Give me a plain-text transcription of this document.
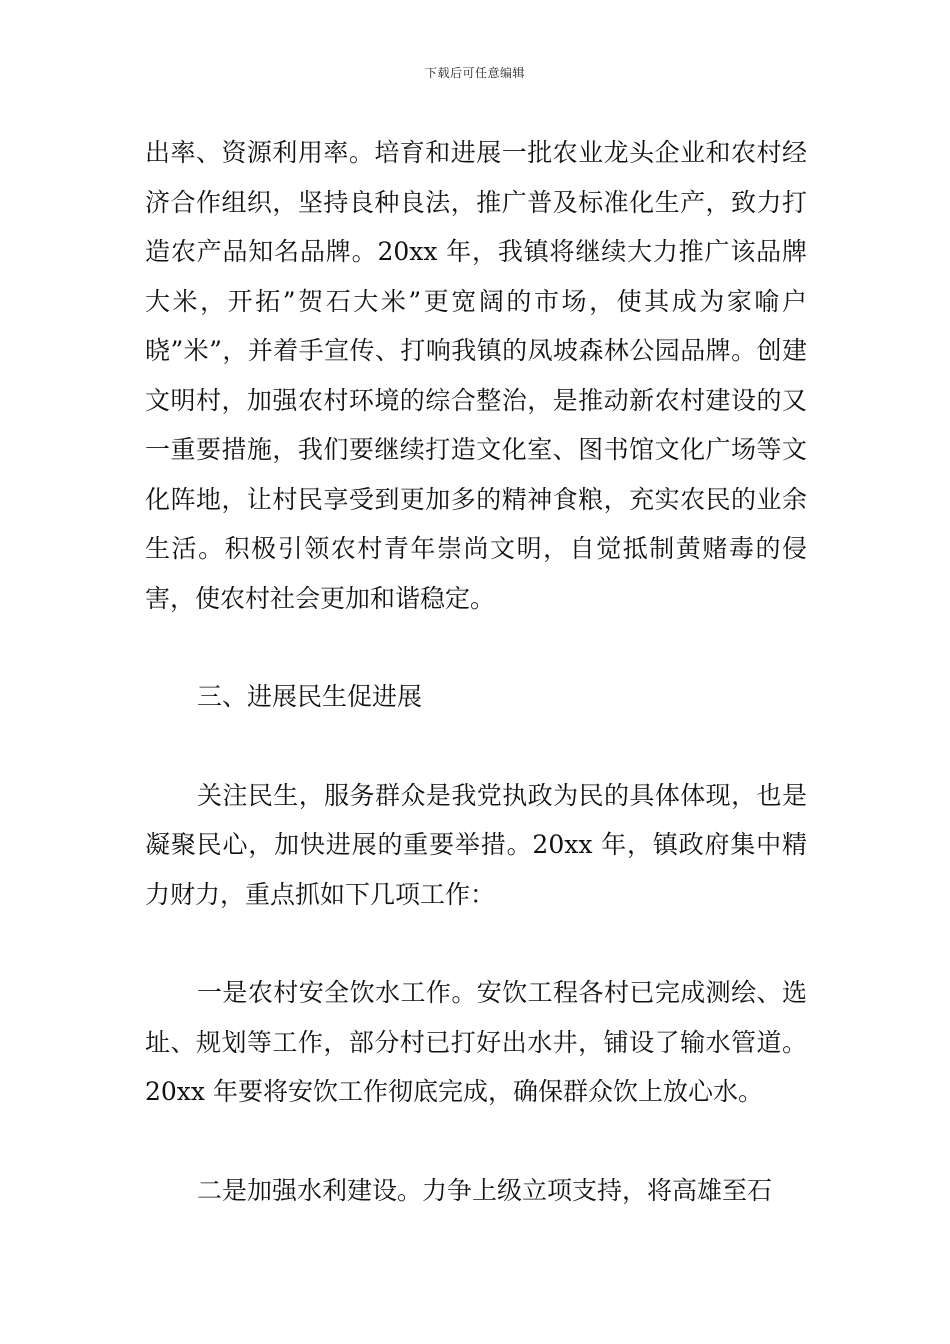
下载后可任意编辑

出率、资源利用率。培育和进展一批农业龙头企业和农村经济合作组织，坚持良种良法，推广普及标准化生产，致力打造农产品知名品牌。20xx 年，我镇将继续大力推广该品牌大米，开拓”贺石大米”更宽阔的市场，使其成为家喻户晓”米”，并着手宣传、打响我镇的凤坡森林公园品牌。创建文明村，加强农村环境的综合整治，是推动新农村建设的又一重要措施，我们要继续打造文化室、图书馆文化广场等文化阵地，让村民享受到更加多的精神食粮，充实农民的业余生活。积极引领农村青年崇尚文明，自觉抵制黄赌毒的侵害，使农村社会更加和谐稳定。

三、进展民生促进展

关注民生，服务群众是我党执政为民的具体体现，也是凝聚民心，加快进展的重要举措。20xx 年，镇政府集中精力财力，重点抓如下几项工作：

一是农村安全饮水工作。安饮工程各村已完成测绘、选址、规划等工作，部分村已打好出水井，铺设了输水管道。20xx 年要将安饮工作彻底完成，确保群众饮上放心水。

二是加强水利建设。力争上级立项支持，将高雄至石
